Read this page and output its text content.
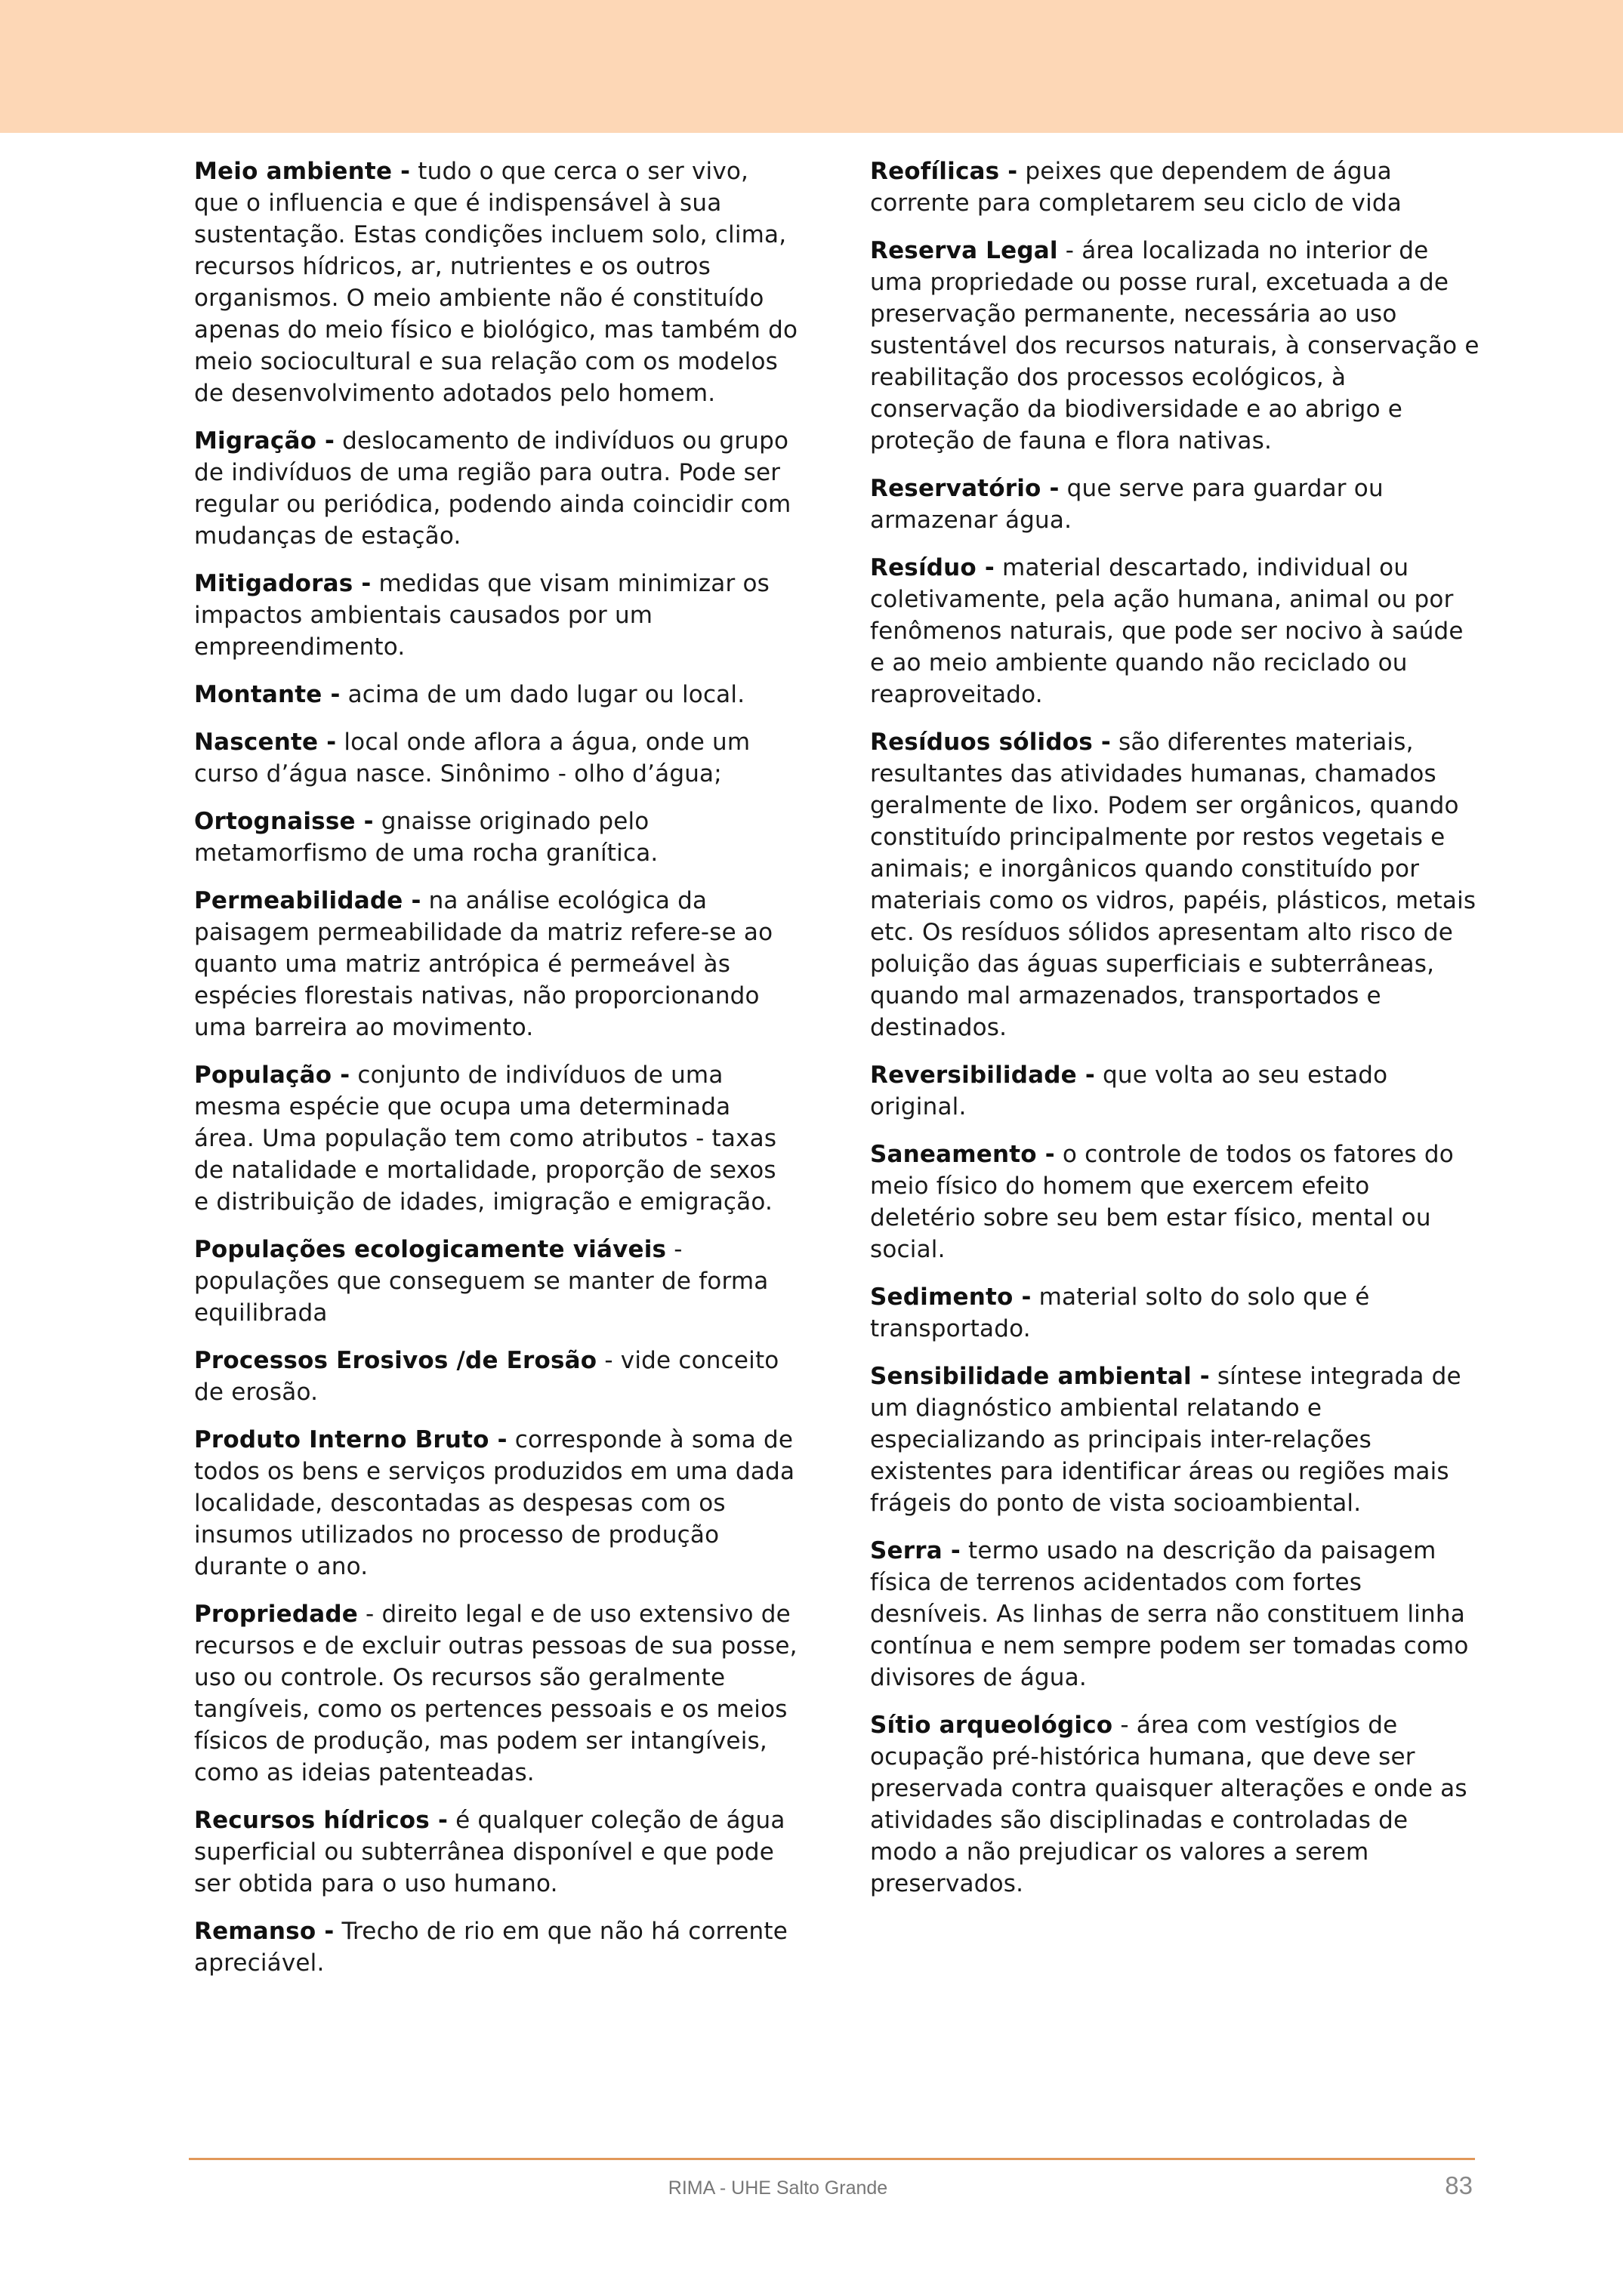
Meio ambiente - tudo o que cerca o ser vivo, que o influencia e que é indispensável à sua sustentação. Estas condições incluem solo, clima, recursos hídricos, ar, nutrientes e os outros organismos. O meio ambiente não é constituído apenas do meio físico e biológico, mas também do meio sociocultural e sua relação com os modelos de desenvolvimento adotados pelo homem.

Migração - deslocamento de indivíduos ou grupo de indivíduos de uma região para outra. Pode ser regular ou periódica, podendo ainda coincidir com mudanças de estação.

Mitigadoras - medidas que visam minimizar os impactos ambientais causados por um empreendimento.

Montante - acima de um dado lugar ou local.

Nascente - local onde aflora a água, onde um curso d’água nasce. Sinônimo - olho d’água;

Ortognaisse - gnaisse originado pelo metamorfismo de uma rocha granítica.

Permeabilidade - na análise ecológica da paisagem permeabilidade da matriz refere-se ao quanto uma matriz antrópica é permeável às espécies florestais nativas, não proporcionando uma barreira ao movimento.

População - conjunto de indivíduos de uma mesma espécie que ocupa uma determinada área. Uma população tem como atributos - taxas de natalidade e mortalidade, proporção de sexos e distribuição de idades, imigração e emigração.

Populações ecologicamente viáveis - populações que conseguem se manter de forma equilibrada

Processos Erosivos /de Erosão - vide conceito de erosão.

Produto Interno Bruto - corresponde à soma de todos os bens e serviços produzidos em uma dada localidade, descontadas as despesas com os insumos utilizados no processo de produção durante o ano.

Propriedade - direito legal e de uso extensivo de recursos e de excluir outras pessoas de sua posse, uso ou controle. Os recursos são geralmente tangíveis, como os pertences pessoais e os meios físicos de produção, mas podem ser intangíveis, como as ideias patenteadas.

Recursos hídricos - é qualquer coleção de água superficial ou subterrânea disponível e que pode ser obtida para o uso humano.

Remanso - Trecho de rio em que não há corrente apreciável.

Reofílicas - peixes que dependem de água corrente para completarem seu ciclo de vida

Reserva Legal - área localizada no interior de uma propriedade ou posse rural, excetuada a de preservação permanente, necessária ao uso sustentável dos recursos naturais, à conservação e reabilitação dos processos ecológicos, à conservação da biodiversidade e ao abrigo e proteção de fauna e flora nativas.

Reservatório - que serve para guardar ou armazenar água.

Resíduo - material descartado, individual ou coletivamente, pela ação humana, animal ou por fenômenos naturais, que pode ser nocivo à saúde e ao meio ambiente quando não reciclado ou reaproveitado.

Resíduos sólidos - são diferentes materiais, resultantes das atividades humanas, chamados geralmente de lixo. Podem ser orgânicos, quando constituído principalmente por restos vegetais e animais; e inorgânicos quando constituído por materiais como os vidros, papéis, plásticos, metais etc. Os resíduos sólidos apresentam alto risco de poluição das águas superficiais e subterrâneas, quando mal armazenados, transportados e destinados.

Reversibilidade - que volta ao seu estado original.

Saneamento - o controle de todos os fatores do meio físico do homem que exercem efeito deletério sobre seu bem estar físico, mental ou social.

Sedimento - material solto do solo que é transportado.

Sensibilidade ambiental - síntese integrada de um diagnóstico ambiental relatando e especializando as principais inter-relações existentes para identificar áreas ou regiões mais frágeis do ponto de vista socioambiental.

Serra - termo usado na descrição da paisagem física de terrenos acidentados com fortes desníveis. As linhas de serra não constituem linha contínua e nem sempre podem ser tomadas como divisores de água.

Sítio arqueológico - área com vestígios de ocupação pré-histórica humana, que deve ser preservada contra quaisquer alterações e onde as atividades são disciplinadas e controladas de modo a não prejudicar os valores a serem preservados.

RIMA - UHE Salto Grande	83
